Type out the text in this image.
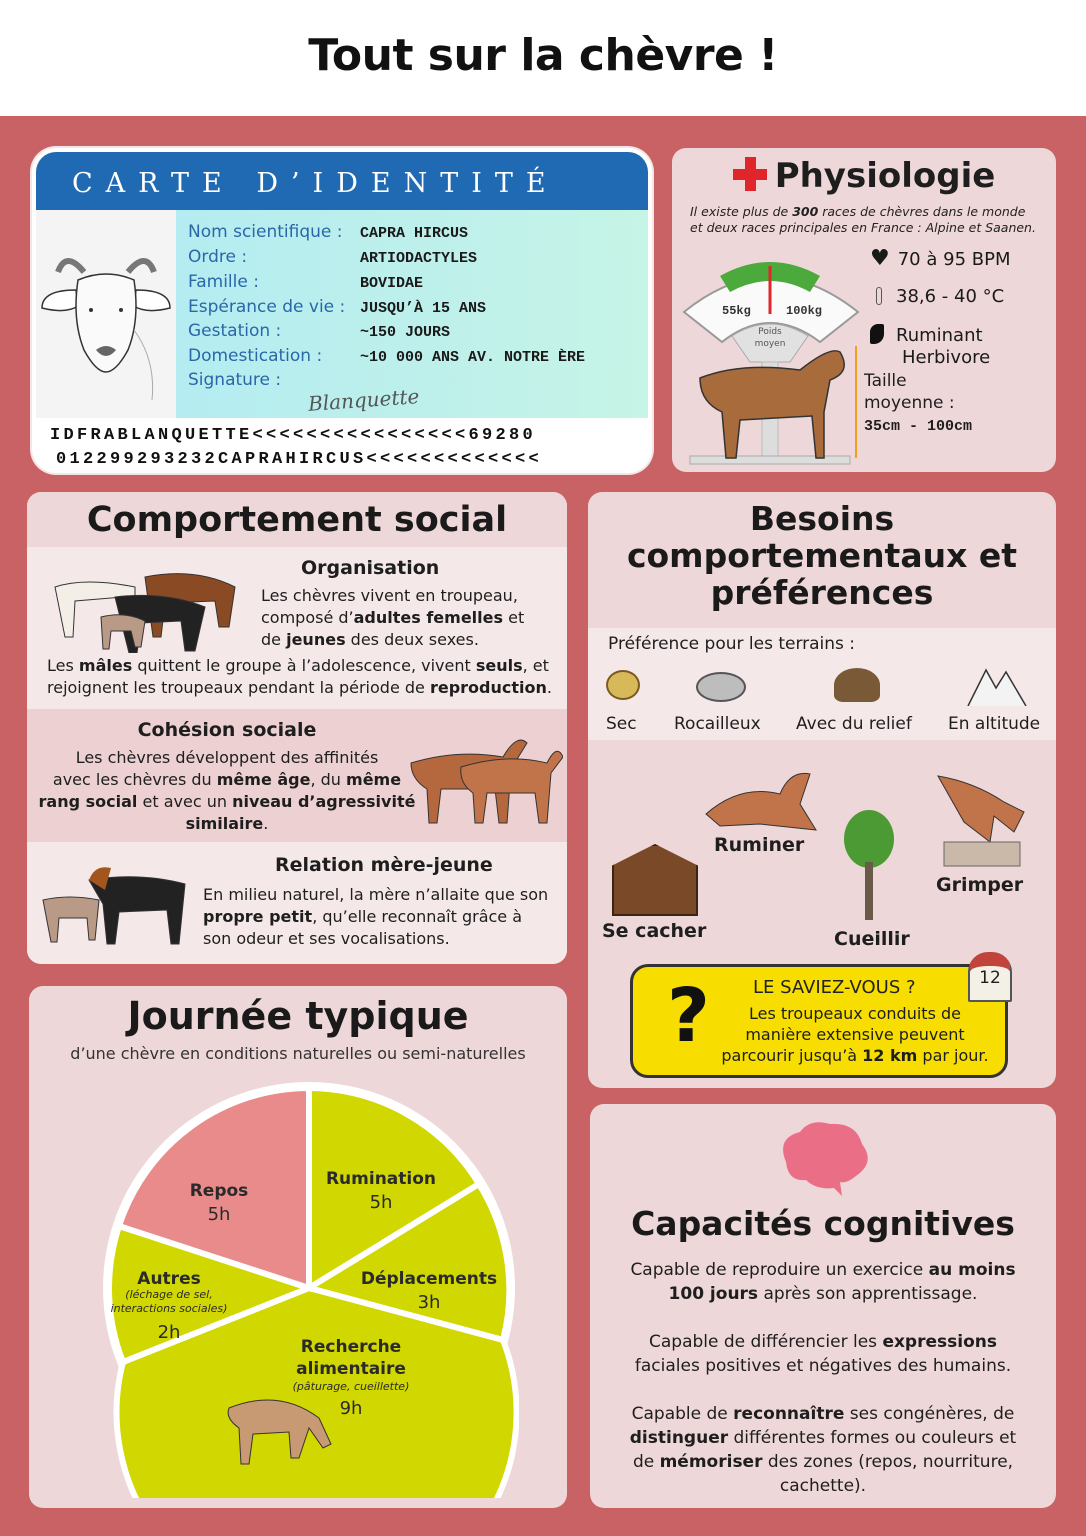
Tout sur la chèvre !
CARTE D’IDENTITÉ
Nom scientifique : CAPRA HIRCUS
Ordre :	ARTIODACTYLES
Famille :	BOVIDAE
Espérance de vie : JUSQU’À 15 ANS
Gestation :	~150 JOURS
Domestication :	~10 000 ANS AV. NOTRE ÈRE
Signature :
Blanquette
IDFRABLANQUETTE<<<<<<<<<<<<<<<<69280
012299293232CAPRAHIRCUS<<<<<<<<<<<<<
Physiologie
Il existe plus de 300 races de chèvres dans le monde et deux races principales en France : Alpine et Saanen.
55kg	100kg
Poids
moyen
♥ 70 à 95 BPM
38,6 - 40 °C
Ruminant
Herbivore
Taille
moyenne :
35cm - 100cm
Comportement social
Organisation
Les chèvres vivent en troupeau,
composé d’adultes femelles et
de jeunes des deux sexes.
Les mâles quittent le groupe à l’adolescence, vivent seuls, et
rejoignent les troupeaux pendant la période de reproduction.
Cohésion sociale
Les chèvres développent des affinités
avec les chèvres du même âge, du même
rang social et avec un niveau d’agressivité
similaire.
Relation mère-jeune
En milieu naturel, la mère n’allaite que son
propre petit, qu’elle reconnaît grâce à
son odeur et ses vocalisations.
Besoins
comportementaux et
préférences
Préférence pour les terrains :
Sec Rocailleux Avec du relief En altitude
Ruminer
Se cacher	Cueillir
Grimper
? LE SAVIEZ-VOUS ?
Les troupeaux conduits de
manière extensive peuvent
parcourir jusqu’à 12 km par jour.
12
Journée typique
d’une chèvre en conditions naturelles ou semi-naturelles
Repos
5h
Rumination
5h
Déplacements
3h
Recherche
alimentaire
(pâturage, cueillette)
9h
Autres
(léchage de sel,
interactions sociales)
2h
Capacités cognitives
Capable de reproduire un exercice au moins
100 jours après son apprentissage.

Capable de différencier les expressions
faciales positives et négatives des humains.

Capable de reconnaître ses congénères, de
distinguer différentes formes ou couleurs et
de mémoriser des zones (repos, nourriture,
cachette).
